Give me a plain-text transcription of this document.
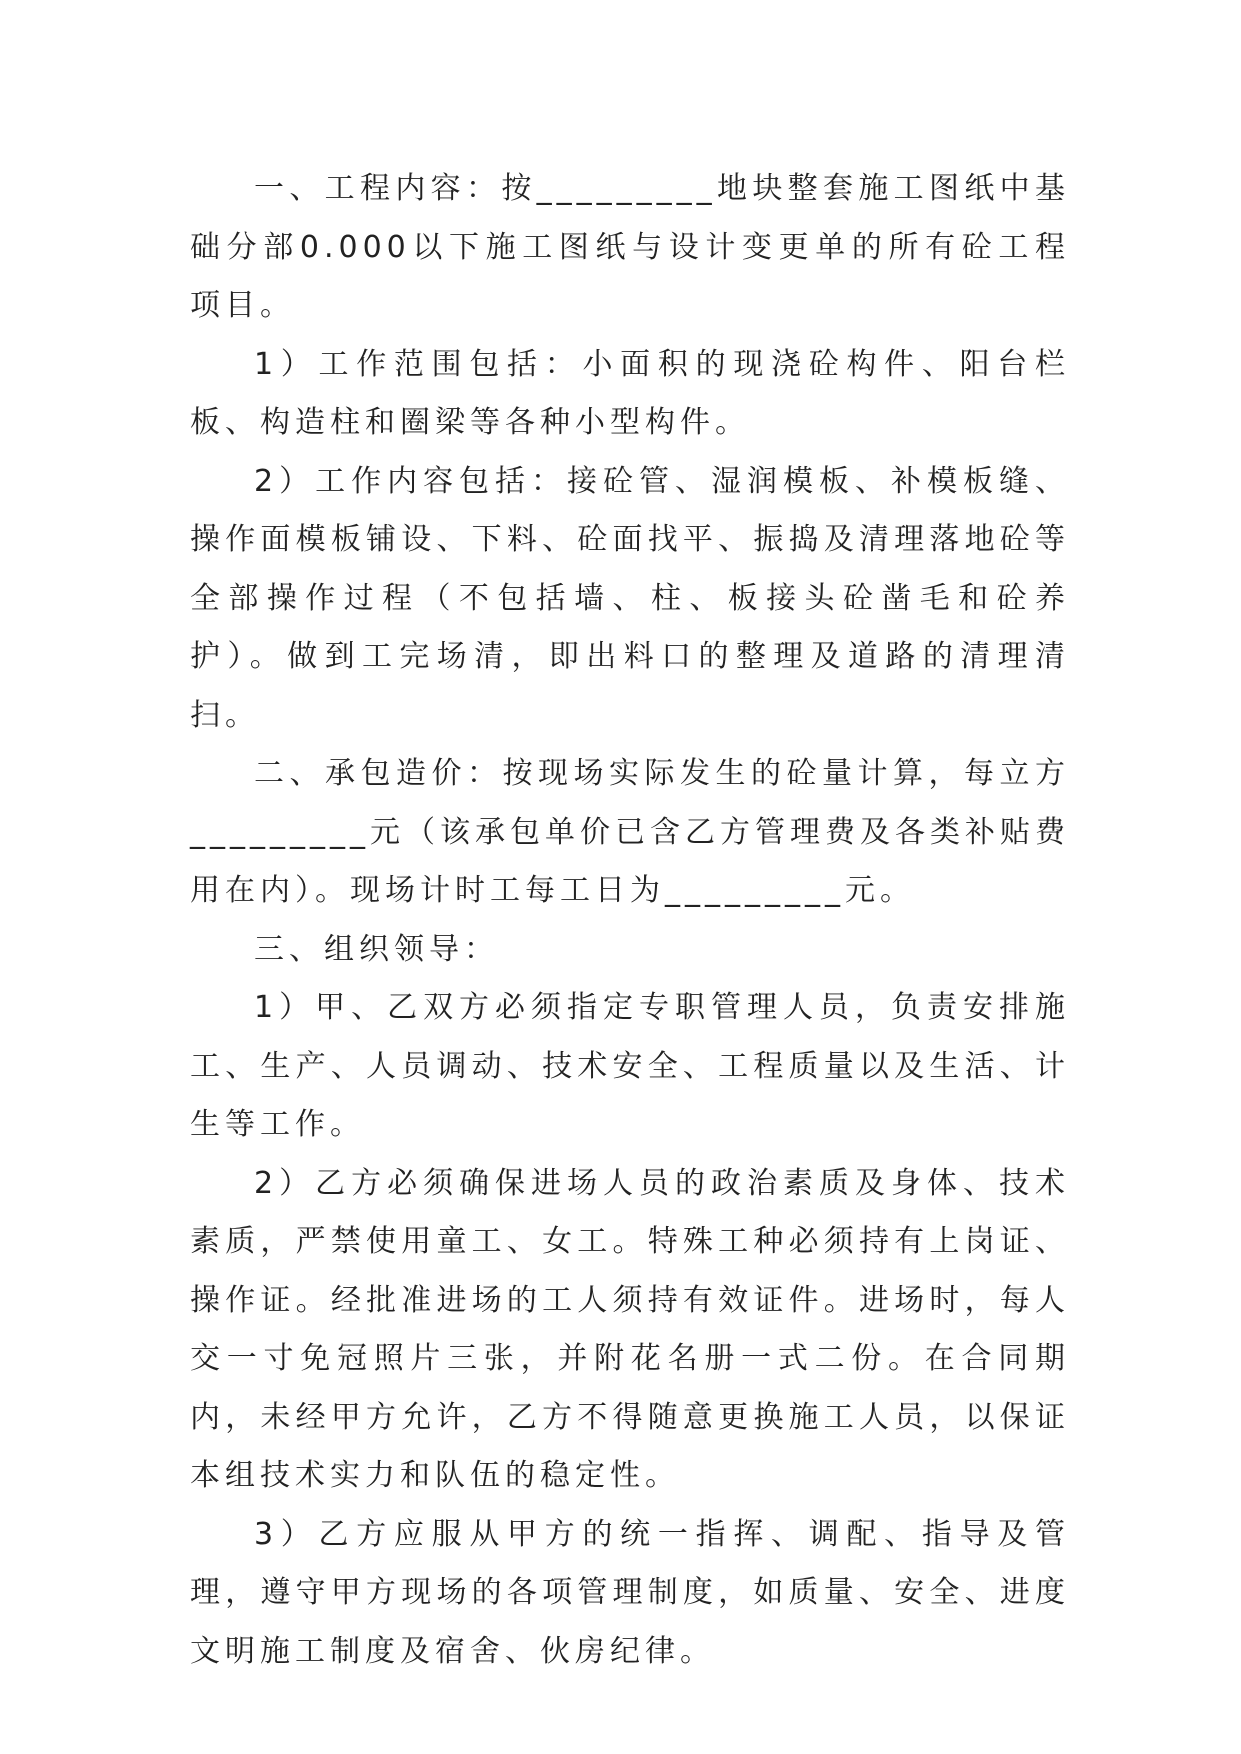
一、工程内容：按_________地块整套施工图纸中基础分部0.000以下施工图纸与设计变更单的所有砼工程项目。

1）工作范围包括：小面积的现浇砼构件、阳台栏板、构造柱和圈梁等各种小型构件。

2）工作内容包括：接砼管、湿润模板、补模板缝、操作面模板铺设、下料、砼面找平、振捣及清理落地砼等全部操作过程（不包括墙、柱、板接头砼凿毛和砼养护）。做到工完场清，即出料口的整理及道路的清理清扫。

二、承包造价：按现场实际发生的砼量计算，每立方_________元（该承包单价已含乙方管理费及各类补贴费用在内）。现场计时工每工日为_________元。

三、组织领导：

1）甲、乙双方必须指定专职管理人员，负责安排施工、生产、人员调动、技术安全、工程质量以及生活、计生等工作。

2）乙方必须确保进场人员的政治素质及身体、技术素质，严禁使用童工、女工。特殊工种必须持有上岗证、操作证。经批准进场的工人须持有效证件。进场时，每人交一寸免冠照片三张，并附花名册一式二份。在合同期内，未经甲方允许，乙方不得随意更换施工人员，以保证本组技术实力和队伍的稳定性。

3）乙方应服从甲方的统一指挥、调配、指导及管理，遵守甲方现场的各项管理制度，如质量、安全、进度文明施工制度及宿舍、伙房纪律。
